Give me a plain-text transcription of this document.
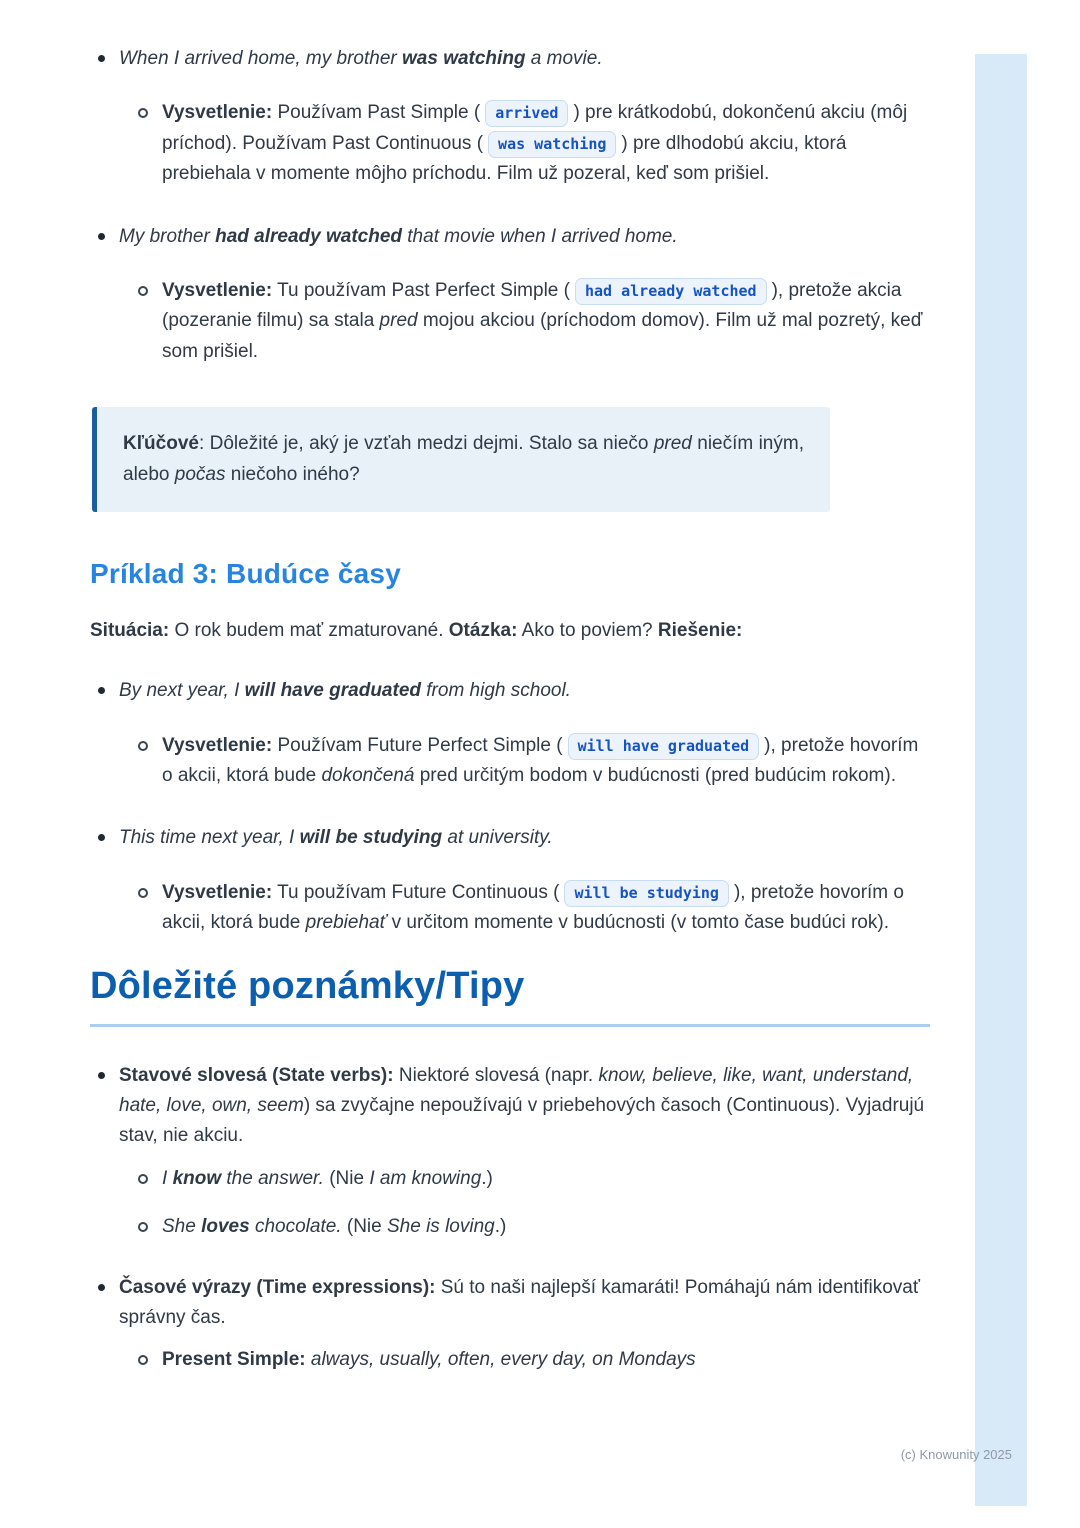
When I arrived home, my brother was watching a movie.
Vysvetlenie: Používam Past Simple ( arrived ) pre krátkodobú, dokončenú akciu (môj príchod). Používam Past Continuous ( was watching ) pre dlhodobú akciu, ktorá prebiehala v momente môjho príchodu. Film už pozeral, keď som prišiel.
My brother had already watched that movie when I arrived home.
Vysvetlenie: Tu používam Past Perfect Simple ( had already watched ), pretože akcia (pozeranie filmu) sa stala pred mojou akciou (príchodom domov). Film už mal pozretý, keď som prišiel.
Kľúčové: Dôležité je, aký je vzťah medzi dejmi. Stalo sa niečo pred niečím iným, alebo počas niečoho iného?
Príklad 3: Budúce časy

Situácia: O rok budem mať zmaturované. Otázka: Ako to poviem? Riešenie:

By next year, I will have graduated from high school.
Vysvetlenie: Používam Future Perfect Simple ( will have graduated ), pretože hovorím o akcii, ktorá bude dokončená pred určitým bodom v budúcnosti (pred budúcim rokom).
This time next year, I will be studying at university.
Vysvetlenie: Tu používam Future Continuous ( will be studying ), pretože hovorím o akcii, ktorá bude prebiehať v určitom momente v budúcnosti (v tomto čase budúci rok).
Dôležité poznámky/Tipy
Stavové slovesá (State verbs): Niektoré slovesá (napr. know, believe, like, want, understand, hate, love, own, seem) sa zvyčajne nepoužívajú v priebehových časoch (Continuous). Vyjadrujú stav, nie akciu.
I know the answer. (Nie I am knowing.)
She loves chocolate. (Nie She is loving.)
Časové výrazy (Time expressions): Sú to naši najlepší kamaráti! Pomáhajú nám identifikovať správny čas.
Present Simple: always, usually, often, every day, on Mondays
(c) Knowunity 2025
